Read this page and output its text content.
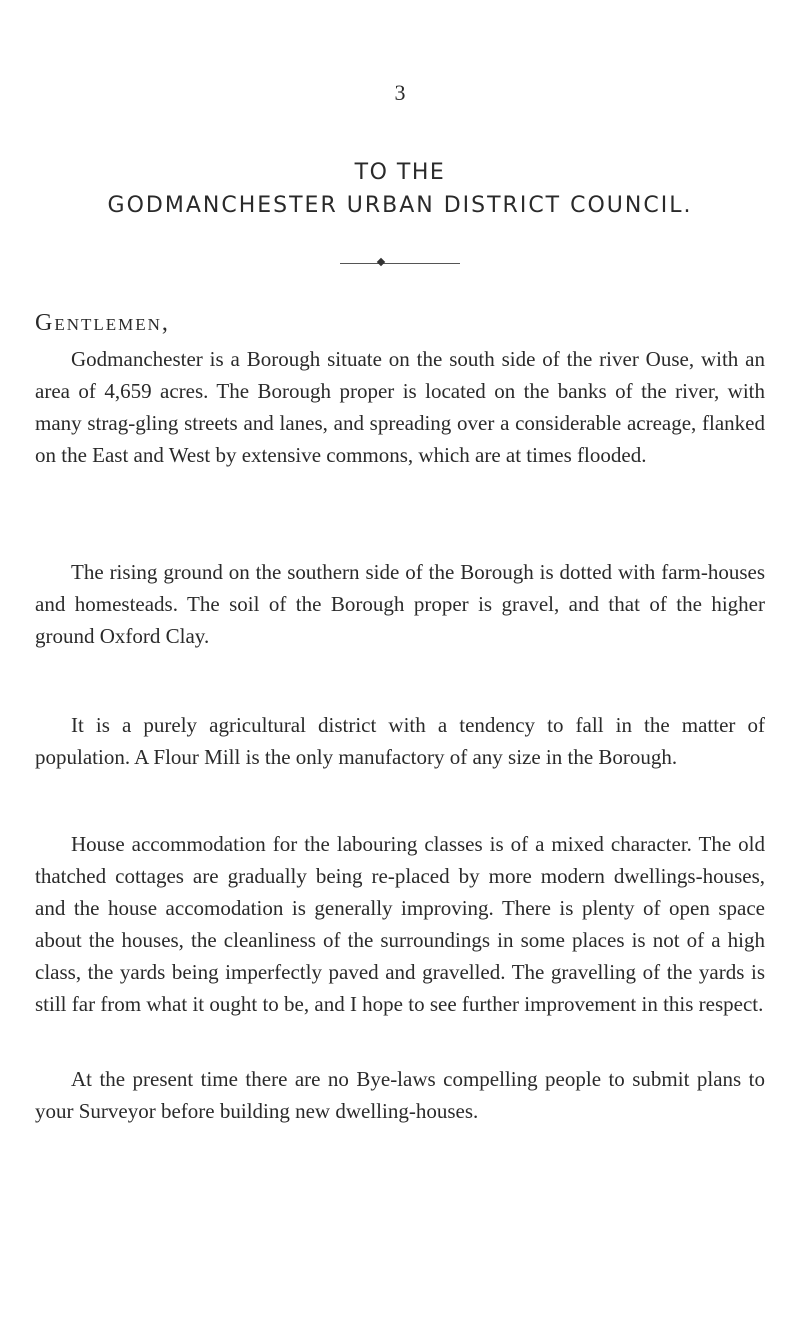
3
TO THE
GODMANCHESTER URBAN DISTRICT COUNCIL.
Gentlemen,

Godmanchester is a Borough situate on the south side of the river Ouse, with an area of 4,659 acres. The Borough proper is located on the banks of the river, with many strag-gling streets and lanes, and spreading over a considerable acreage, flanked on the East and West by extensive commons, which are at times flooded.

The rising ground on the southern side of the Borough is dotted with farm-houses and homesteads. The soil of the Borough proper is gravel, and that of the higher ground Oxford Clay.

It is a purely agricultural district with a tendency to fall in the matter of population. A Flour Mill is the only manufactory of any size in the Borough.

House accommodation for the labouring classes is of a mixed character. The old thatched cottages are gradually being re-placed by more modern dwellings-houses, and the house accomodation is generally improving. There is plenty of open space about the houses, the cleanliness of the surroundings in some places is not of a high class, the yards being imperfectly paved and gravelled. The gravelling of the yards is still far from what it ought to be, and I hope to see further improvement in this respect.

At the present time there are no Bye-laws compelling people to submit plans to your Surveyor before building new dwelling-houses.
